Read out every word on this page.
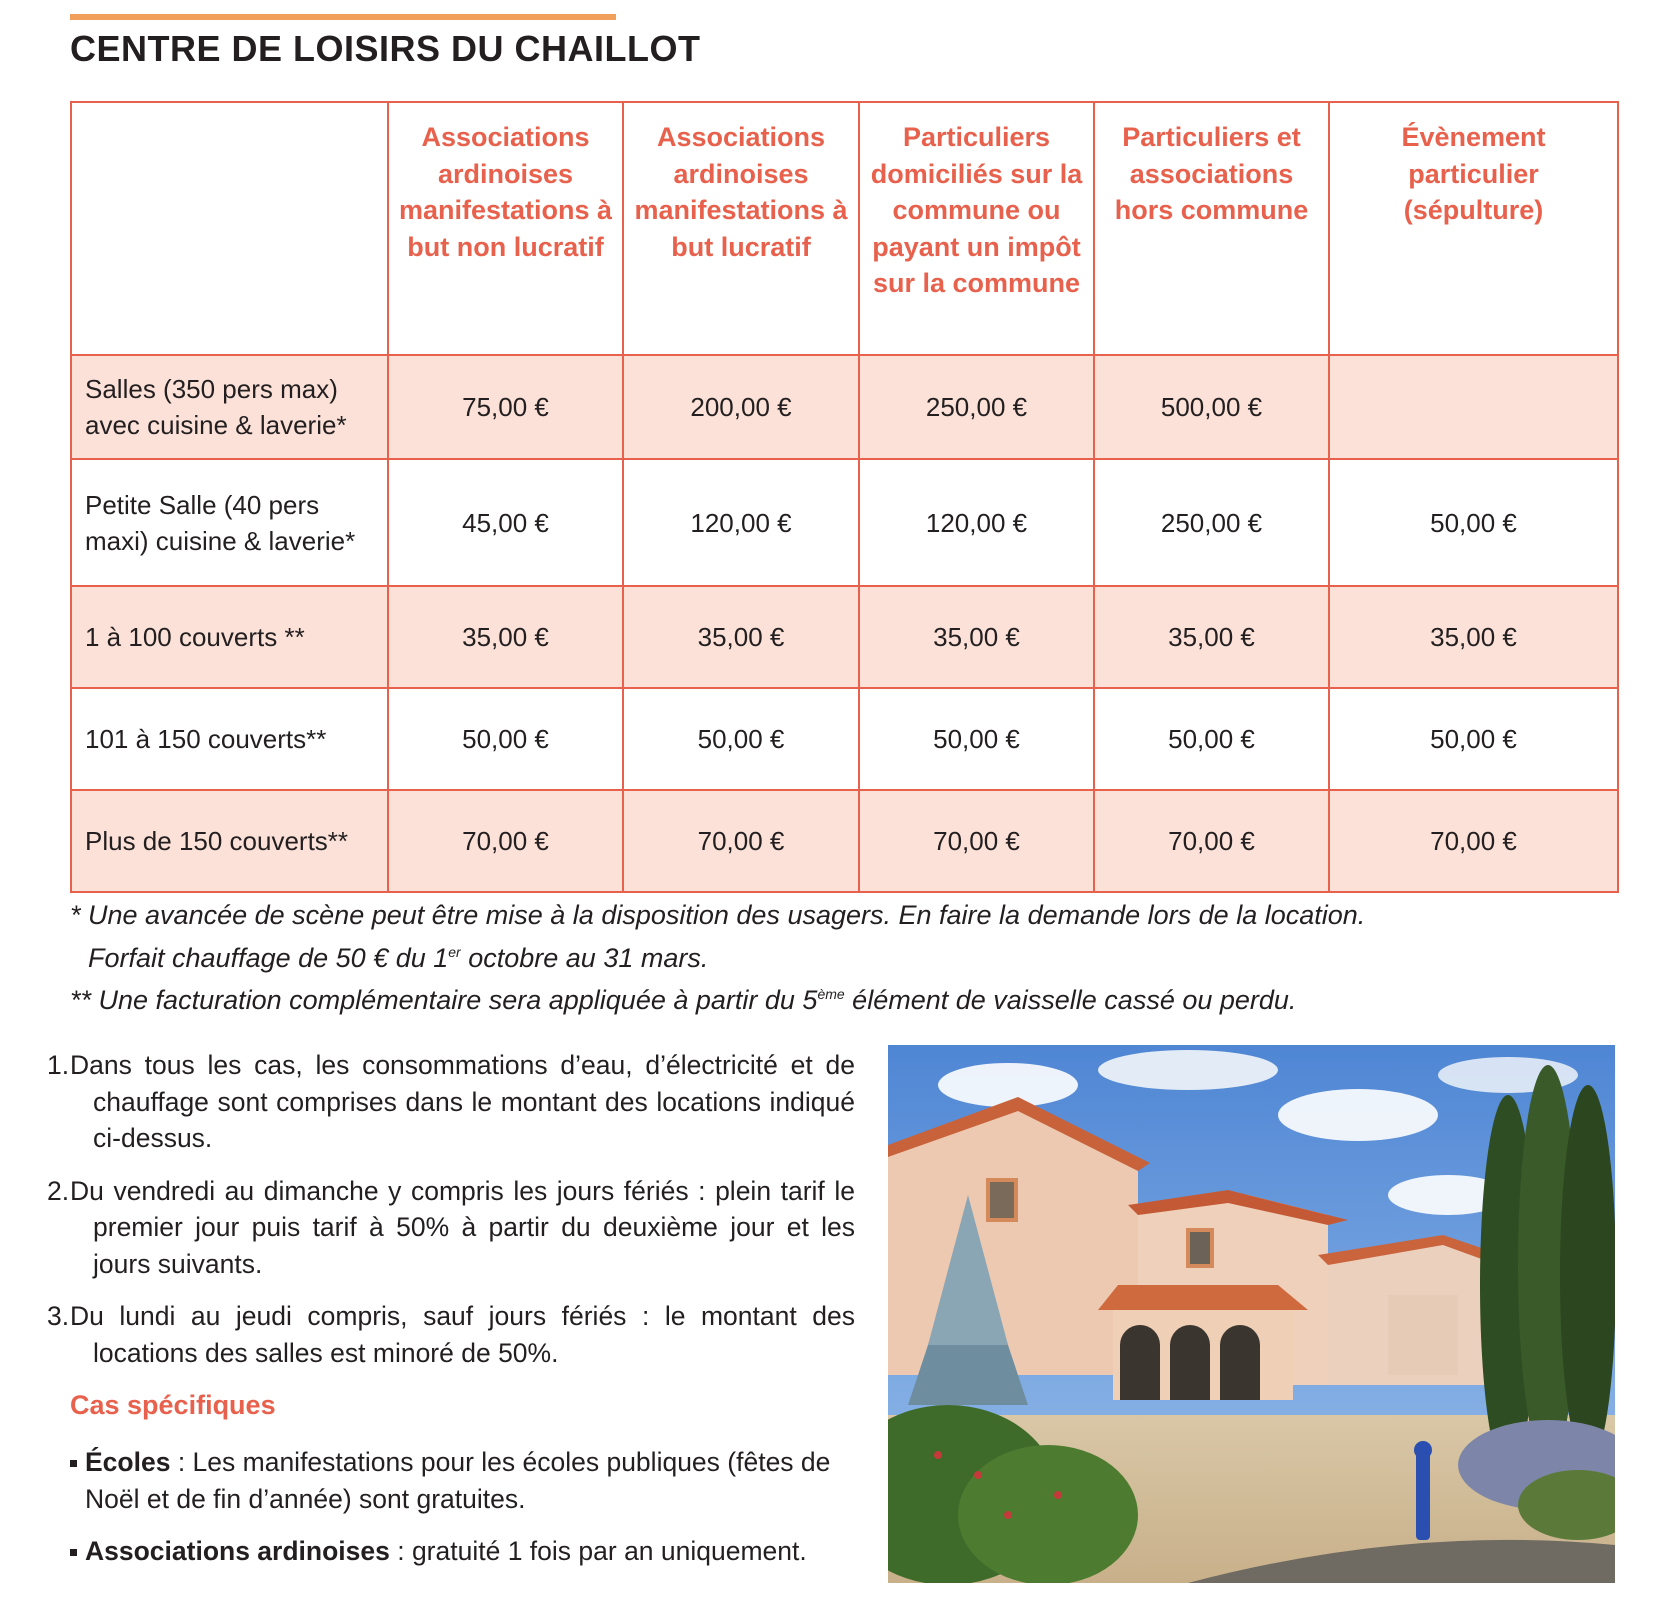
CENTRE DE LOISIRS DU CHAILLOT
	Associations ardinoises manifestations à but non lucratif	Associations ardinoises manifestations à but lucratif	Particuliers domiciliés sur la commune ou payant un impôt sur la commune	Particuliers et associations hors commune	Évènement particulier (sépulture)
Salles (350 pers max) avec cuisine & laverie*	75,00 €	200,00 €	250,00 €	500,00 €	
Petite Salle (40 pers maxi) cuisine & laverie*	45,00 €	120,00 €	120,00 €	250,00 €	50,00 €
1 à 100 couverts **	35,00 €	35,00 €	35,00 €	35,00 €	35,00 €
101 à 150 couverts**	50,00 €	50,00 €	50,00 €	50,00 €	50,00 €
Plus de 150 couverts**	70,00 €	70,00 €	70,00 €	70,00 €	70,00 €

* Une avancée de scène peut être mise à la disposition des usagers. En faire la demande lors de la location.

Forfait chauffage de 50 € du 1er octobre au 31 mars.

** Une facturation complémentaire sera appliquée à partir du 5ème élément de vaisselle cassé ou perdu.

1.Dans tous les cas, les consommations d’eau, d’électricité et de chauffage sont comprises dans le montant des locations indiqué ci-dessus.
2.Du vendredi au dimanche y compris les jours fériés : plein tarif le premier jour puis tarif à 50% à partir du deuxième jour et les jours suivants.
3.Du lundi au jeudi compris, sauf jours fériés : le montant des locations des salles est minoré de 50%.
Cas spécifiques
Écoles : Les manifestations pour les écoles publiques (fêtes de Noël et de fin d’année) sont gratuites.
Associations ardinoises : gratuité 1 fois par an uniquement.
